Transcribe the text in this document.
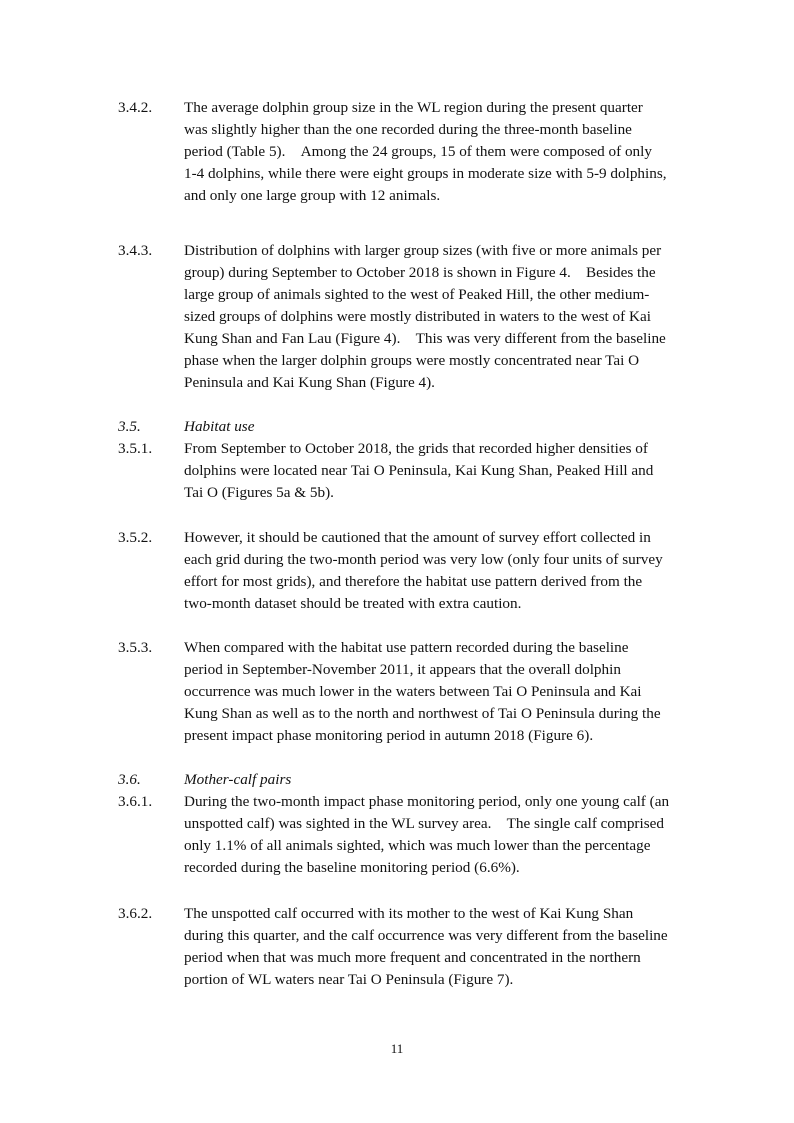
3.4.2.	The average dolphin group size in the WL region during the present quarter
was slightly higher than the one recorded during the three-month baseline
period (Table 5).    Among the 24 groups, 15 of them were composed of only
1-4 dolphins, while there were eight groups in moderate size with 5-9 dolphins,
and only one large group with 12 animals.
3.4.3.	Distribution of dolphins with larger group sizes (with five or more animals per
group) during September to October 2018 is shown in Figure 4.    Besides the
large group of animals sighted to the west of Peaked Hill, the other medium-
sized groups of dolphins were mostly distributed in waters to the west of Kai
Kung Shan and Fan Lau (Figure 4).    This was very different from the baseline
phase when the larger dolphin groups were mostly concentrated near Tai O
Peninsula and Kai Kung Shan (Figure 4).
3.5.	Habitat use
3.5.1.	From September to October 2018, the grids that recorded higher densities of
dolphins were located near Tai O Peninsula, Kai Kung Shan, Peaked Hill and
Tai O (Figures 5a & 5b).
3.5.2.	However, it should be cautioned that the amount of survey effort collected in
each grid during the two-month period was very low (only four units of survey
effort for most grids), and therefore the habitat use pattern derived from the
two-month dataset should be treated with extra caution.
3.5.3.	When compared with the habitat use pattern recorded during the baseline
period in September-November 2011, it appears that the overall dolphin
occurrence was much lower in the waters between Tai O Peninsula and Kai
Kung Shan as well as to the north and northwest of Tai O Peninsula during the
present impact phase monitoring period in autumn 2018 (Figure 6).
3.6.	Mother-calf pairs
3.6.1.	During the two-month impact phase monitoring period, only one young calf (an
unspotted calf) was sighted in the WL survey area.    The single calf comprised
only 1.1% of all animals sighted, which was much lower than the percentage
recorded during the baseline monitoring period (6.6%).
3.6.2.	The unspotted calf occurred with its mother to the west of Kai Kung Shan
during this quarter, and the calf occurrence was very different from the baseline
period when that was much more frequent and concentrated in the northern
portion of WL waters near Tai O Peninsula (Figure 7).
11
